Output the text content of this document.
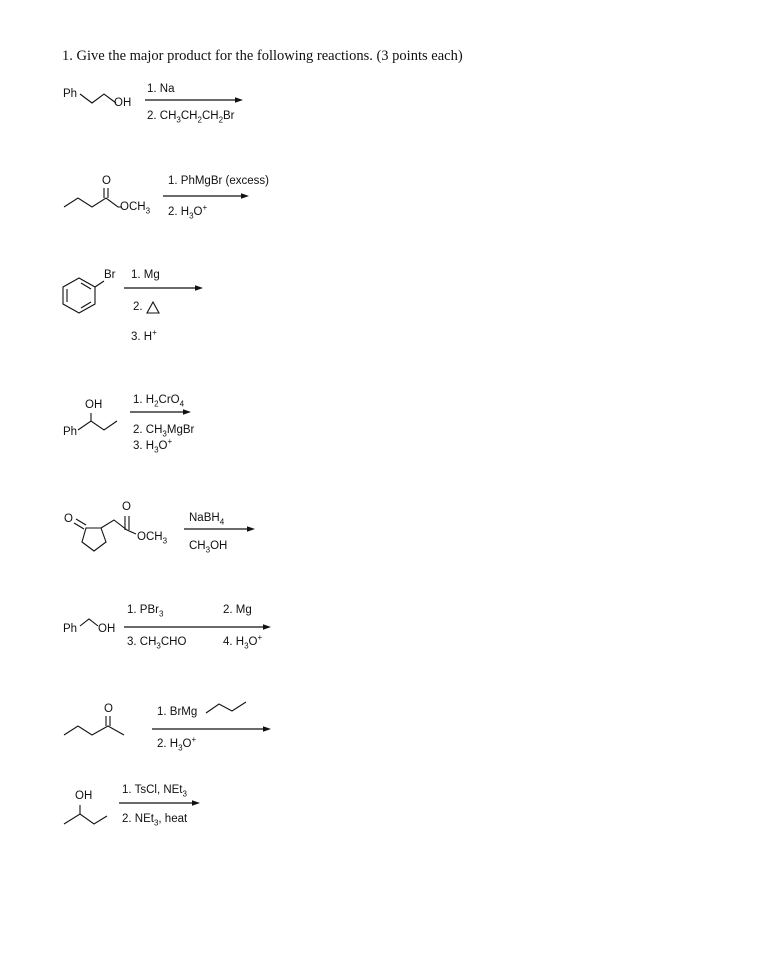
1. Give the major product for the following reactions. (3 points each)
Ph
OH
1. Na
2. $CH_3CH_2CH_2Br$
O
$OCH_3$
1. PhMgBr (excess)
2. $H_3O^+$
Br 1. Mg
2.
3. H+
OH
Ph
1. $H_2CrO_4$
2. $CH_3MgBr$
3. $H_3O^+$
O
O
$OCH_3$
NaBH$_4$
$CH_3OH$
Ph OH
1. PBr$_3$	2. Mg
3. $CH_3CHO$	4. $H_3O^+$
O	1. BrMg
2. $H_3O^+$
OH	1. TsCl, NEt$_3$
2. NEt$_3$, heat
